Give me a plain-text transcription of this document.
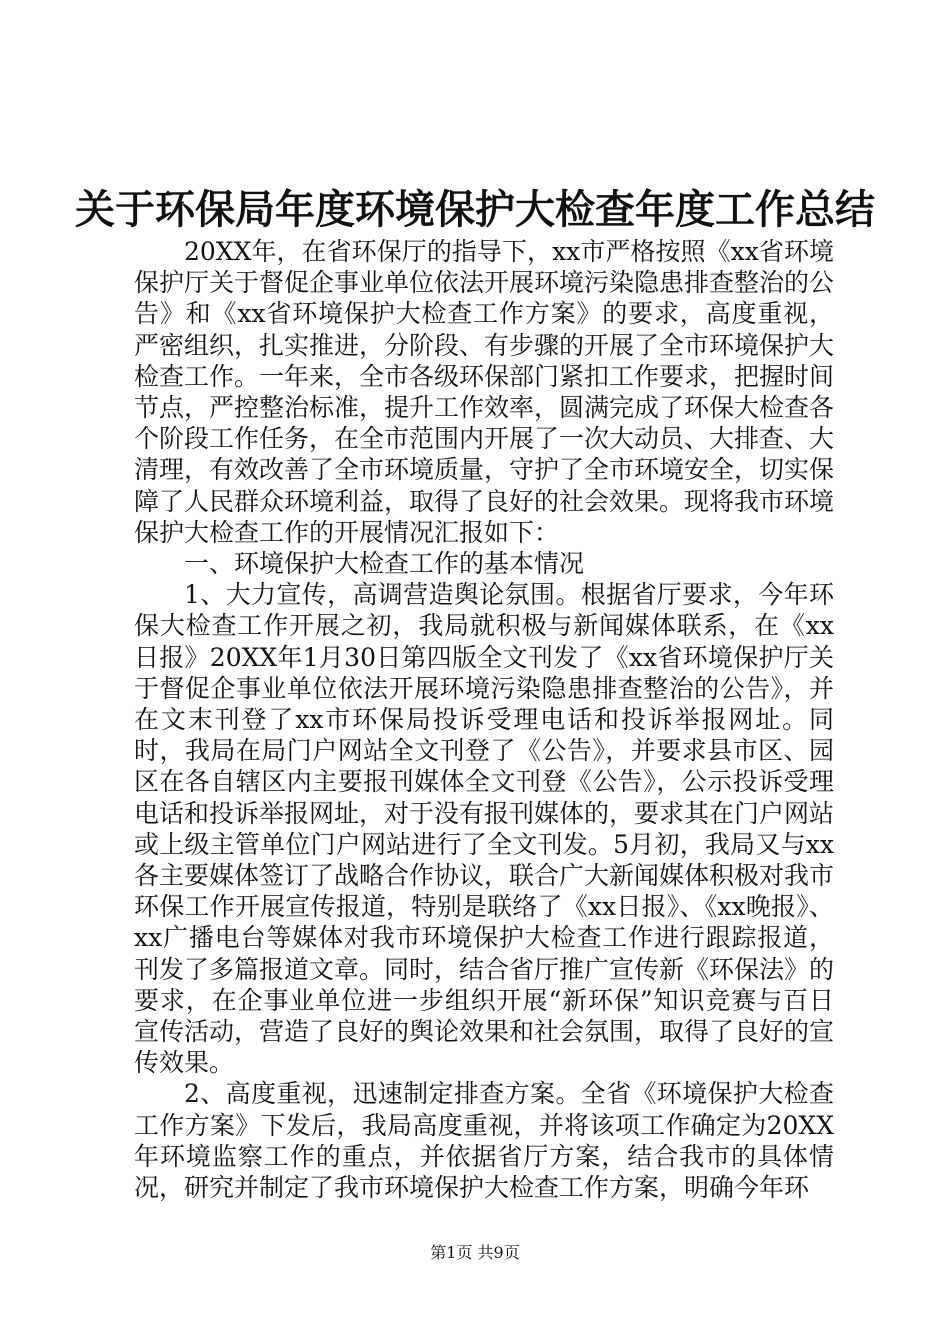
关于环保局年度环境保护大检查年度工作总结

20XX年，在省环保厅的指导下，xx市严格按照《xx省环境保护厅关于督促企事业单位依法开展环境污染隐患排查整治的公告》和《xx省环境保护大检查工作方案》的要求，高度重视，严密组织，扎实推进，分阶段、有步骤的开展了全市环境保护大检查工作。一年来，全市各级环保部门紧扣工作要求，把握时间节点，严控整治标准，提升工作效率，圆满完成了环保大检查各个阶段工作任务，在全市范围内开展了一次大动员、大排查、大清理，有效改善了全市环境质量，守护了全市环境安全，切实保障了人民群众环境利益，取得了良好的社会效果。现将我市环境保护大检查工作的开展情况汇报如下：

一、环境保护大检查工作的基本情况

1、大力宣传，高调营造舆论氛围。根据省厅要求，今年环保大检查工作开展之初，我局就积极与新闻媒体联系，在《xx日报》20XX年1月30日第四版全文刊发了《xx省环境保护厅关于督促企事业单位依法开展环境污染隐患排查整治的公告》，并在文末刊登了xx市环保局投诉受理电话和投诉举报网址。同时，我局在局门户网站全文刊登了《公告》，并要求县市区、园区在各自辖区内主要报刊媒体全文刊登《公告》，公示投诉受理电话和投诉举报网址，对于没有报刊媒体的，要求其在门户网站或上级主管单位门户网站进行了全文刊发。5月初，我局又与xx各主要媒体签订了战略合作协议，联合广大新闻媒体积极对我市环保工作开展宣传报道，特别是联络了《xx日报》、《xx晚报》、xx广播电台等媒体对我市环境保护大检查工作进行跟踪报道，刊发了多篇报道文章。同时，结合省厅推广宣传新《环保法》的要求，在企事业单位进一步组织开展“新环保”知识竞赛与百日宣传活动，营造了良好的舆论效果和社会氛围，取得了良好的宣传效果。

2、高度重视，迅速制定排查方案。全省《环境保护大检查工作方案》下发后，我局高度重视，并将该项工作确定为20XX年环境监察工作的重点，并依据省厅方案，结合我市的具体情况，研究并制定了我市环境保护大检查工作方案，明确今年环

第1页 共9页
